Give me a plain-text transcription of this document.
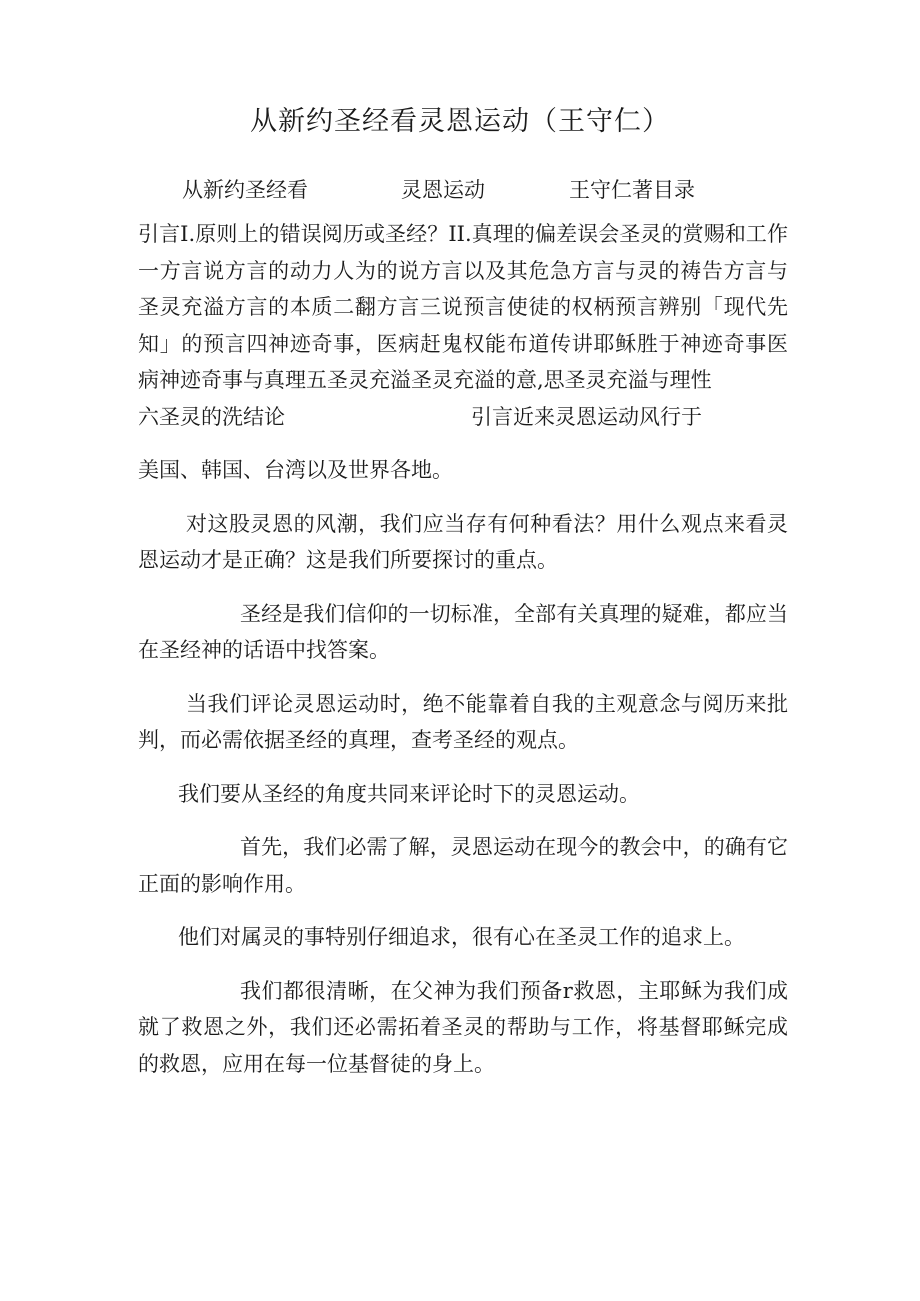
从新约圣经看灵恩运动（王守仁）
从新约圣经看	灵恩运动	王守仁著目录

引言I.原则上的错误阅历或圣经？II.真理的偏差误会圣灵的赏赐和工作一方言说方言的动力人为的说方言以及其危急方言与灵的祷告方言与圣灵充溢方言的本质二翻方言三说预言使徒的权柄预言辨别「现代先知」的预言四神迹奇事，医病赶鬼权能布道传讲耶稣胜于神迹奇事医病神迹奇事与真理五圣灵充溢圣灵充溢的意,思圣灵充溢与理性

六圣灵的洗结论	引言近来灵恩运动风行于

美国、韩国、台湾以及世界各地。

对这股灵恩的风潮，我们应当存有何种看法？用什么观点来看灵恩运动才是正确？这是我们所要探讨的重点。

圣经是我们信仰的一切标准，全部有关真理的疑难，都应当在圣经神的话语中找答案。

当我们评论灵恩运动时，绝不能靠着自我的主观意念与阅历来批判，而必需依据圣经的真理，查考圣经的观点。

我们要从圣经的角度共同来评论时下的灵恩运动。

首先，我们必需了解，灵恩运动在现今的教会中，的确有它正面的影响作用。

他们对属灵的事特别仔细追求，很有心在圣灵工作的追求上。

我们都很清晰，在父神为我们预备r救恩，主耶稣为我们成就了救恩之外，我们还必需拓着圣灵的帮助与工作，将基督耶稣完成的救恩，应用在每一位基督徒的身上。
